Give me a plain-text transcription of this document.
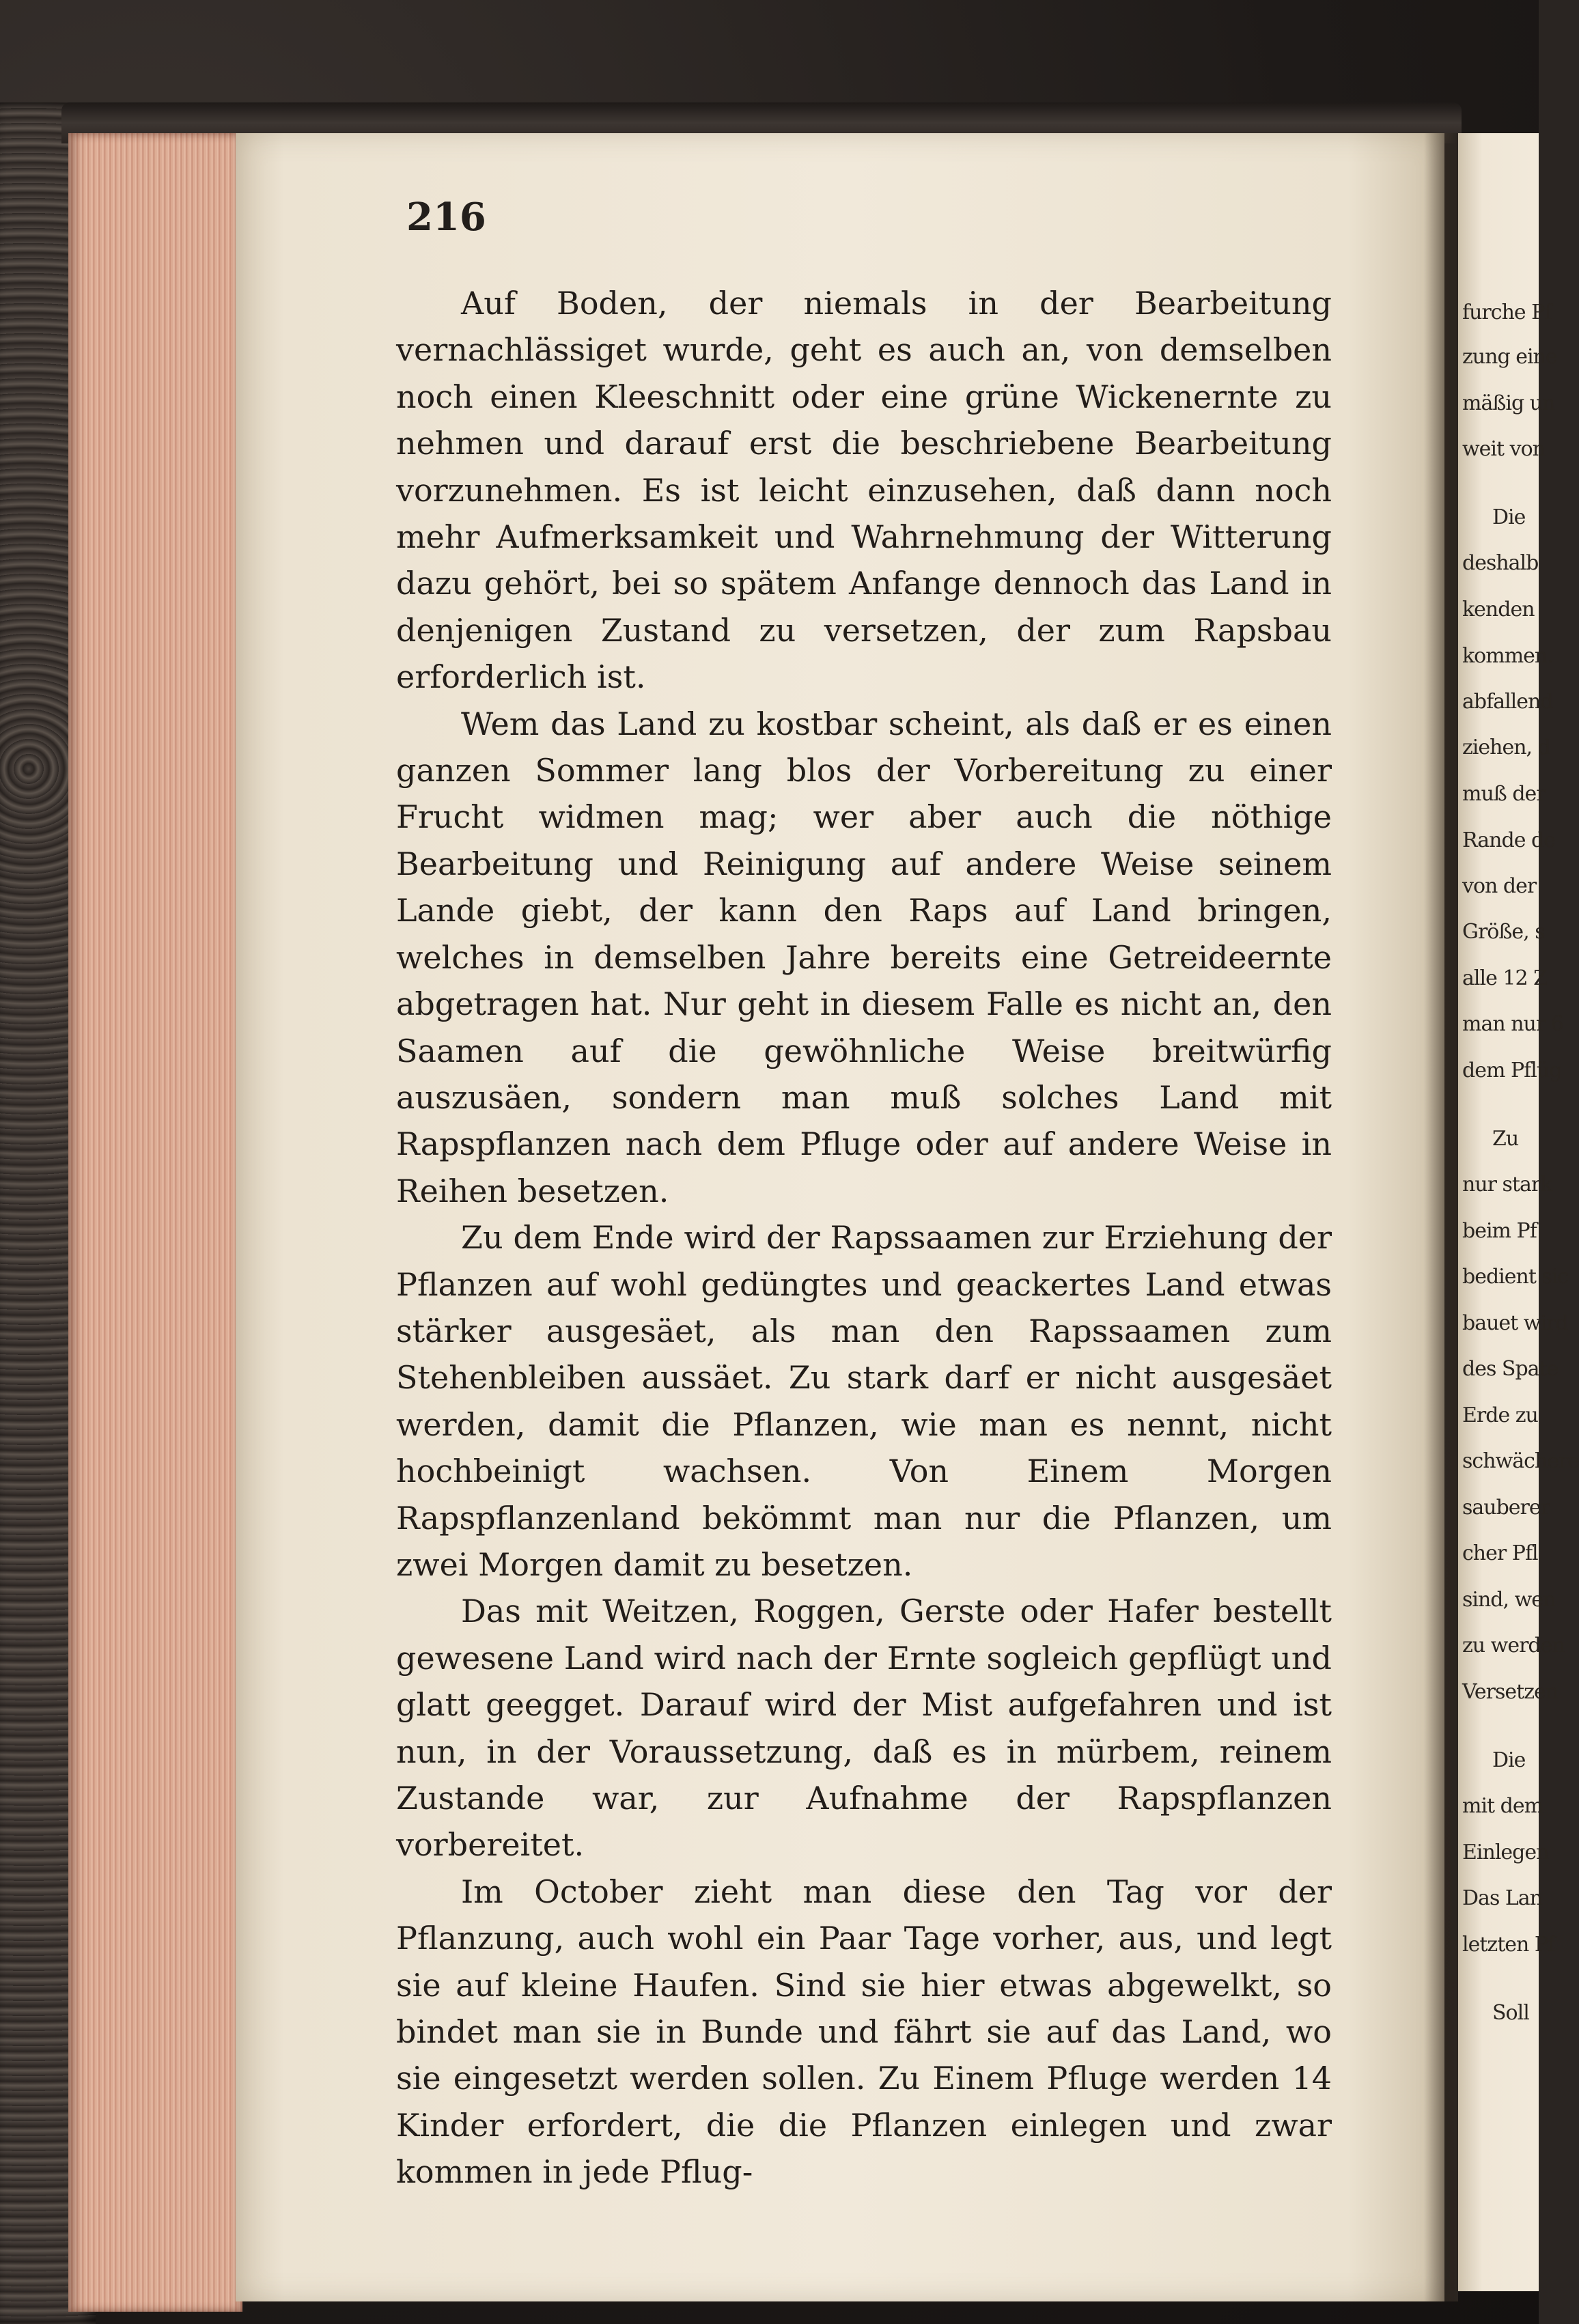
216

Auf Boden, der niemals in der Bearbeitung vernachlässiget wurde, geht es auch an, von demselben noch einen Kleeschnitt oder eine grüne Wickenernte zu nehmen und darauf erst die beschriebene Bearbeitung vorzunehmen. Es ist leicht einzusehen, daß dann noch mehr Aufmerksamkeit und Wahrnehmung der Witterung dazu gehört, bei so spätem Anfange dennoch das Land in denjenigen Zustand zu versetzen, der zum Rapsbau erforderlich ist.

Wem das Land zu kostbar scheint, als daß er es einen ganzen Sommer lang blos der Vorbereitung zu einer Frucht widmen mag; wer aber auch die nöthige Bearbeitung und Reinigung auf andere Weise seinem Lande giebt, der kann den Raps auf Land bringen, welches in demselben Jahre bereits eine Getreideernte abgetragen hat. Nur geht in diesem Falle es nicht an, den Saamen auf die gewöhnliche Weise breitwürfig auszusäen, sondern man muß solches Land mit Rapspflanzen nach dem Pfluge oder auf andere Weise in Reihen besetzen.

Zu dem Ende wird der Rapssaamen zur Erziehung der Pflanzen auf wohl gedüngtes und geackertes Land etwas stärker ausgesäet, als man den Rapssaamen zum Stehenbleiben aussäet. Zu stark darf er nicht ausgesäet werden, damit die Pflanzen, wie man es nennt, nicht hochbeinigt wachsen. Von Einem Morgen Rapspflanzenland bekömmt man nur die Pflanzen, um zwei Morgen damit zu besetzen.

Das mit Weitzen, Roggen, Gerste oder Hafer bestellt gewesene Land wird nach der Ernte sogleich gepflügt und glatt geegget. Darauf wird der Mist aufgefahren und ist nun, in der Voraussetzung, daß es in mürbem, reinem Zustande war, zur Aufnahme der Rapspflanzen vorbereitet.

Im October zieht man diese den Tag vor der Pflanzung, auch wohl ein Paar Tage vorher, aus, und legt sie auf kleine Haufen. Sind sie hier etwas abgewelkt, so bindet man sie in Bunde und fährt sie auf das Land, wo sie eingesetzt werden sollen. Zu Einem Pfluge werden 14 Kinder erfordert, die die Pflanzen einlegen und zwar kommen in jede Pflug-

furche Pf
zung eine
mäßig un
weit von
Die
deshalb
kenden
kommen.
abfallend
ziehen, d
muß der
Rande de
von der
Größe, s
alle 12 Z
man nur 6
dem Pflüg
Zu
nur stark
beim Pf
bedient sic
bauet wird
des Spate
Erde zu
schwächere
sauberer
cher Pfl
sind, wen
zu werden
Versetzen
Die
mit dem
Einlegen
Das Lan
letzten Pf
Soll
